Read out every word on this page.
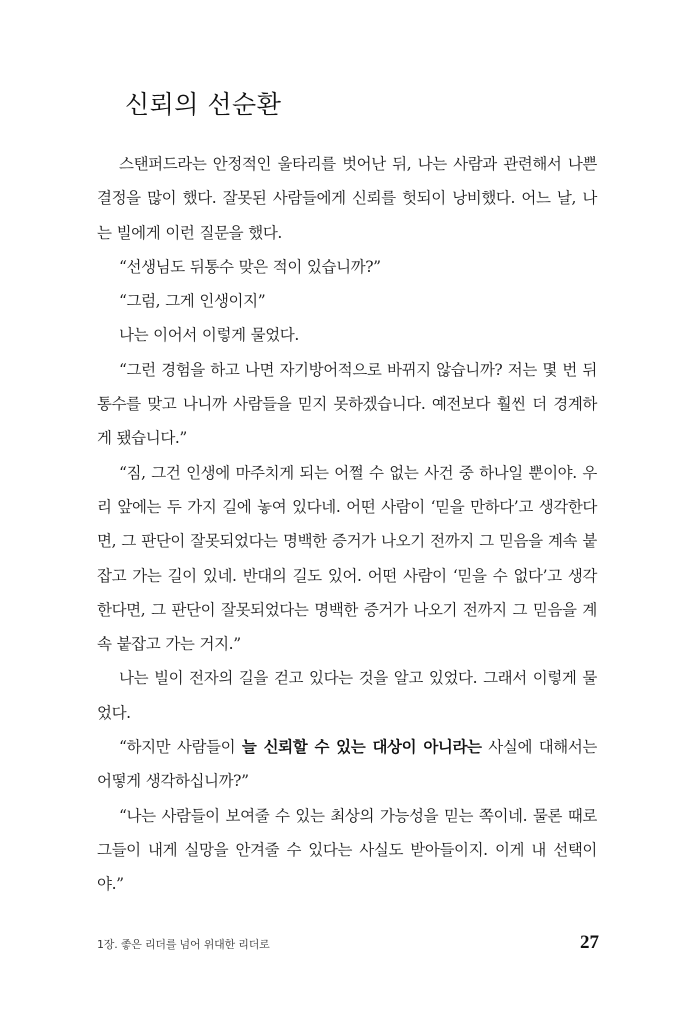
신뢰의 선순환

스탠퍼드라는 안정적인 울타리를 벗어난 뒤, 나는 사람과 관련해서 나쁜 결정을 많이 했다. 잘못된 사람들에게 신뢰를 헛되이 낭비했다. 어느 날, 나는 빌에게 이런 질문을 했다.

“선생님도 뒤통수 맞은 적이 있습니까?”

“그럼, 그게 인생이지”

나는 이어서 이렇게 물었다.

“그런 경험을 하고 나면 자기방어적으로 바뀌지 않습니까? 저는 몇 번 뒤통수를 맞고 나니까 사람들을 믿지 못하겠습니다. 예전보다 훨씬 더 경계하게 됐습니다.”

“짐, 그건 인생에 마주치게 되는 어쩔 수 없는 사건 중 하나일 뿐이야. 우리 앞에는 두 가지 길에 놓여 있다네. 어떤 사람이 ‘믿을 만하다’고 생각한다면, 그 판단이 잘못되었다는 명백한 증거가 나오기 전까지 그 믿음을 계속 붙잡고 가는 길이 있네. 반대의 길도 있어. 어떤 사람이 ‘믿을 수 없다’고 생각한다면, 그 판단이 잘못되었다는 명백한 증거가 나오기 전까지 그 믿음을 계속 붙잡고 가는 거지.”

나는 빌이 전자의 길을 걷고 있다는 것을 알고 있었다. 그래서 이렇게 물었다.

“하지만 사람들이 늘 신뢰할 수 있는 대상이 아니라는 사실에 대해서는 어떻게 생각하십니까?”

“나는 사람들이 보여줄 수 있는 최상의 가능성을 믿는 쪽이네. 물론 때로 그들이 내게 실망을 안겨줄 수 있다는 사실도 받아들이지. 이게 내 선택이야.”

1장. 좋은 리더를 넘어 위대한 리더로	27
